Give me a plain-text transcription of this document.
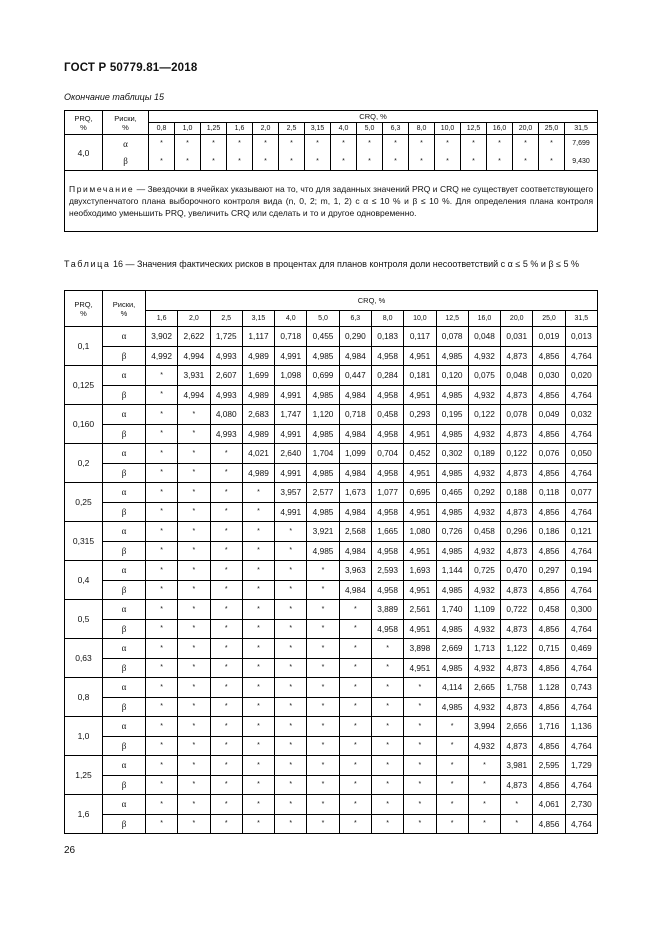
ГОСТ Р 50779.81—2018
Окончание таблицы 15
PRQ,
%	Риски,
%	CRQ, %																
		0,8	1,0	1,25	1,6	2,0	2,5	3,15	4,0	5,0	6,3	8,0	10,0	12,5	16,0	20,0	25,0	31,5
4,0	α	*	*	*	*	*	*	*	*	*	*	*	*	*	*	*	*	7,699
	β	*	*	*	*	*	*	*	*	*	*	*	*	*	*	*	*	9,430
Примечание — Звездочки в ячейках указывают на то, что для заданных значений PRQ и CRQ не существует соответствующего двухступенчатого плана выборочного контроля вида (n, 0, 2; m, 1, 2) с α ≤ 10 % и β ≤ 10 %. Для определения плана контроля необходимо уменьшить PRQ, увеличить CRQ или сделать и то и другое одновременно.																		
Таблица 16 — Значения фактических рисков в процентах для планов контроля доли несоответствий с α ≤ 5 % и β ≤ 5 %
PRQ,
%	Риски,
%	CRQ, %													
		1,6	2,0	2,5	3,15	4,0	5,0	6,3	8,0	10,0	12,5	16,0	20,0	25,0	31,5
0,1	α	3,902	2,622	1,725	1,117	0,718	0,455	0,290	0,183	0,117	0,078	0,048	0,031	0,019	0,013
	β	4,992	4,994	4,993	4,989	4,991	4,985	4,984	4,958	4,951	4,985	4,932	4,873	4,856	4,764
0,125	α	*	3,931	2,607	1,699	1,098	0,699	0,447	0,284	0,181	0,120	0,075	0,048	0,030	0,020
	β	*	4,994	4,993	4,989	4,991	4,985	4,984	4,958	4,951	4,985	4,932	4,873	4,856	4,764
0,160	α	*	*	4,080	2,683	1,747	1,120	0,718	0,458	0,293	0,195	0,122	0,078	0,049	0,032
	β	*	*	4,993	4,989	4,991	4,985	4,984	4,958	4,951	4,985	4,932	4,873	4,856	4,764
0,2	α	*	*	*	4,021	2,640	1,704	1,099	0,704	0,452	0,302	0,189	0,122	0,076	0,050
	β	*	*	*	4,989	4,991	4,985	4,984	4,958	4,951	4,985	4,932	4,873	4,856	4,764
0,25	α	*	*	*	*	3,957	2,577	1,673	1,077	0,695	0,465	0,292	0,188	0,118	0,077
	β	*	*	*	*	4,991	4,985	4,984	4,958	4,951	4,985	4,932	4,873	4,856	4,764
0,315	α	*	*	*	*	*	3,921	2,568	1,665	1,080	0,726	0,458	0,296	0,186	0,121
	β	*	*	*	*	*	4,985	4,984	4,958	4,951	4,985	4,932	4,873	4,856	4,764
0,4	α	*	*	*	*	*	*	3,963	2,593	1,693	1,144	0,725	0,470	0,297	0,194
	β	*	*	*	*	*	*	4,984	4,958	4,951	4,985	4,932	4,873	4,856	4,764
0,5	α	*	*	*	*	*	*	*	3,889	2,561	1,740	1,109	0,722	0,458	0,300
	β	*	*	*	*	*	*	*	4,958	4,951	4,985	4,932	4,873	4,856	4,764
0,63	α	*	*	*	*	*	*	*	*	3,898	2,669	1,713	1,122	0,715	0,469
	β	*	*	*	*	*	*	*	*	4,951	4,985	4,932	4,873	4,856	4,764
0,8	α	*	*	*	*	*	*	*	*	*	4,114	2,665	1,758	1.128	0,743
	β	*	*	*	*	*	*	*	*	*	4,985	4,932	4,873	4,856	4,764
1,0	α	*	*	*	*	*	*	*	*	*	*	3,994	2,656	1,716	1,136
	β	*	*	*	*	*	*	*	*	*	*	4,932	4,873	4,856	4,764
1,25	α	*	*	*	*	*	*	*	*	*	*	*	3,981	2,595	1,729
	β	*	*	*	*	*	*	*	*	*	*	*	4,873	4,856	4,764
1,6	α	*	*	*	*	*	*	*	*	*	*	*	*	4,061	2,730
	β	*	*	*	*	*	*	*	*	*	*	*	*	4,856	4,764
26
